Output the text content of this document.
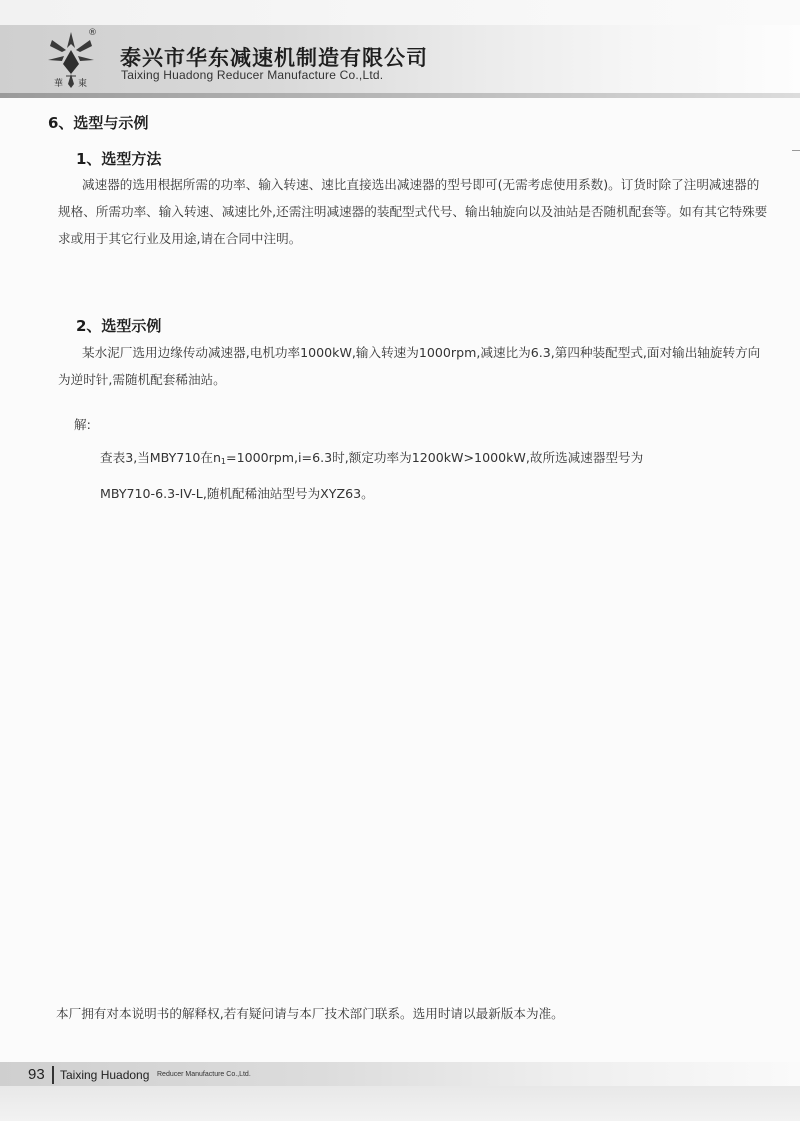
®
華 東
泰兴市华东减速机制造有限公司
Taixing Huadong Reducer Manufacture Co.,Ltd.
6、选型与示例
1、选型方法
减速器的选用根据所需的功率、输入转速、速比直接选出减速器的型号即可(无需考虑使用系数)。订货时除了注明减速器的规格、所需功率、输入转速、减速比外,还需注明减速器的装配型式代号、输出轴旋向以及油站是否随机配套等。如有其它特殊要求或用于其它行业及用途,请在合同中注明。
2、选型示例
某水泥厂选用边缘传动减速器,电机功率1000kW,输入转速为1000rpm,减速比为6.3,第四种装配型式,面对输出轴旋转方向为逆时针,需随机配套稀油站。
解:
查表3,当MBY710在n1=1000rpm,i=6.3时,额定功率为1200kW>1000kW,故所选减速器型号为
MBY710-6.3-IV-L,随机配稀油站型号为XYZ63。
本厂拥有对本说明书的解释权,若有疑问请与本厂技术部门联系。选用时请以最新版本为准。
93 Taixing Huadong Reducer Manufacture Co.,Ltd.
